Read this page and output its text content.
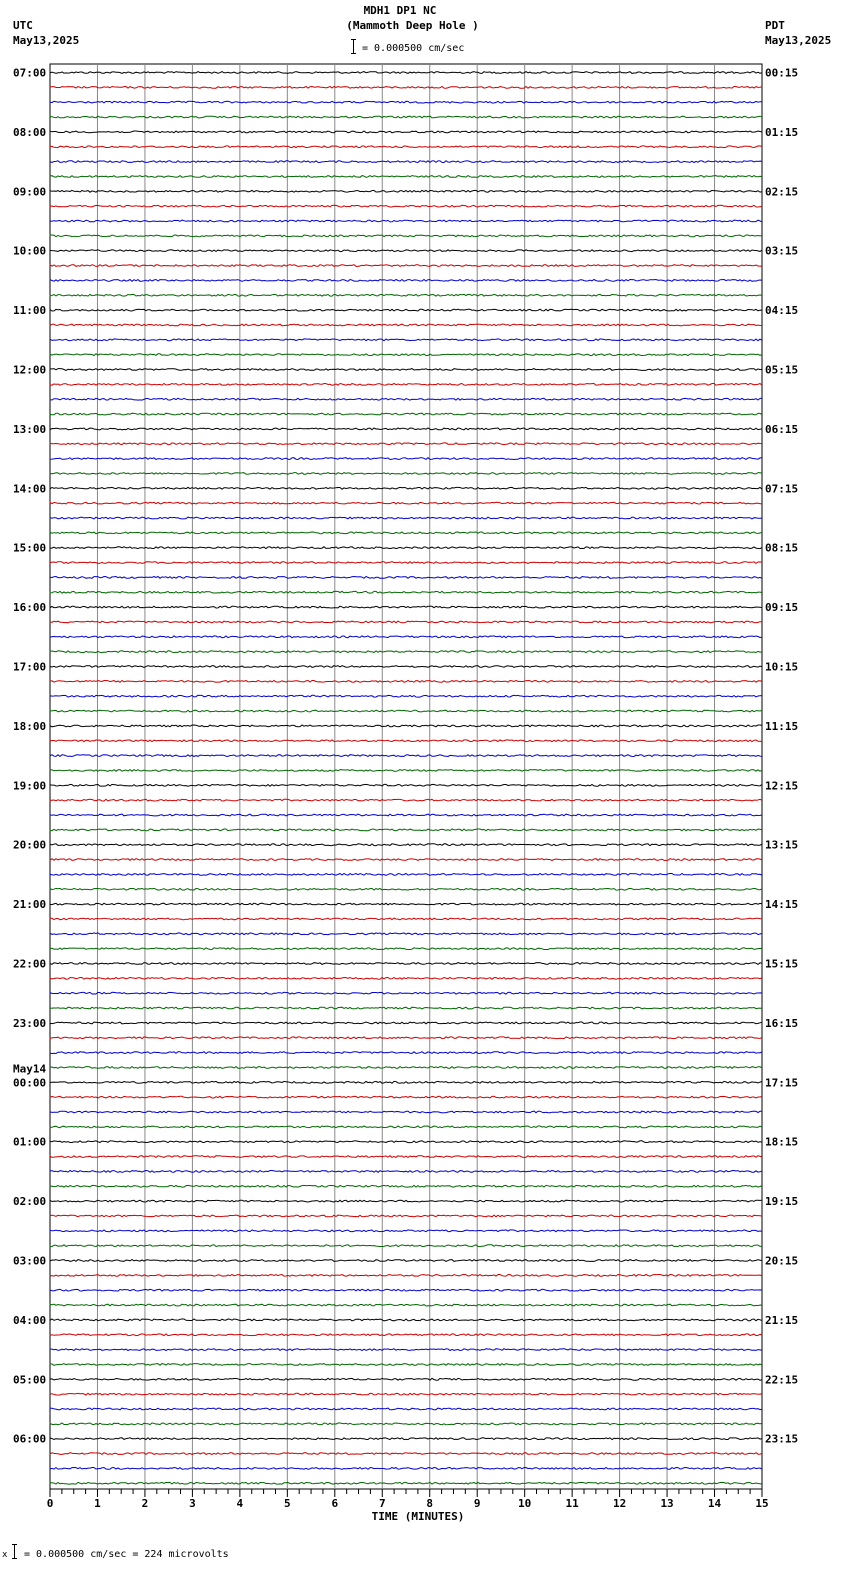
MDH1 DP1 NC
(Mammoth Deep Hole )
= 0.000500 cm/sec
UTC
May13,2025
PDT
May13,2025
07:00	00:15
08:00	01:15
09:00	02:15
10:00	03:15
11:00	04:15
12:00	05:15
13:00	06:15
14:00	07:15
15:00	08:15
16:00	09:15
17:00	10:15
18:00	11:15
19:00	12:15
20:00	13:15
21:00	14:15
22:00	15:15
23:00	16:15
00:00	17:15
May14
01:00	18:15
02:00	19:15
03:00	20:15
04:00	21:15
05:00	22:15
06:00	23:15
0	1	2	3	4	5	6	7	8	9	10	11	12	13	14	15
TIME (MINUTES)
x = 0.000500 cm/sec = 224 microvolts
